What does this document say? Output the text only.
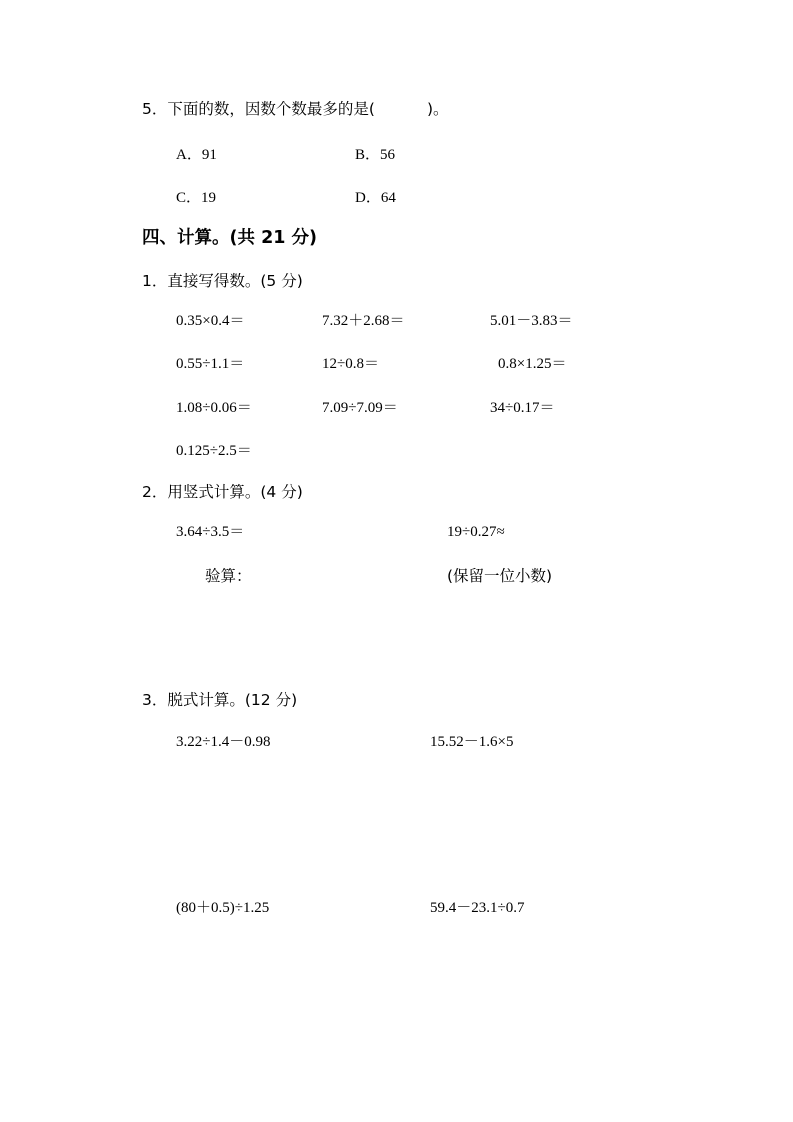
5．下面的数，因数个数最多的是(	)。
A．91	B．56
C．19	D．64
四、计算。(共 21 分)
1．直接写得数。(5 分)
0.35×0.4＝	7.32＋2.68＝	5.01－3.83＝
0.55÷1.1＝	12÷0.8＝	0.8×1.25＝
1.08÷0.06＝	7.09÷7.09＝	34÷0.17＝
0.125÷2.5＝
2．用竖式计算。(4 分)
3.64÷3.5＝	19÷0.27≈
验算：	(保留一位小数)
3．脱式计算。(12 分)
3.22÷1.4－0.98	15.52－1.6×5
(80＋0.5)÷1.25	59.4－23.1÷0.7
